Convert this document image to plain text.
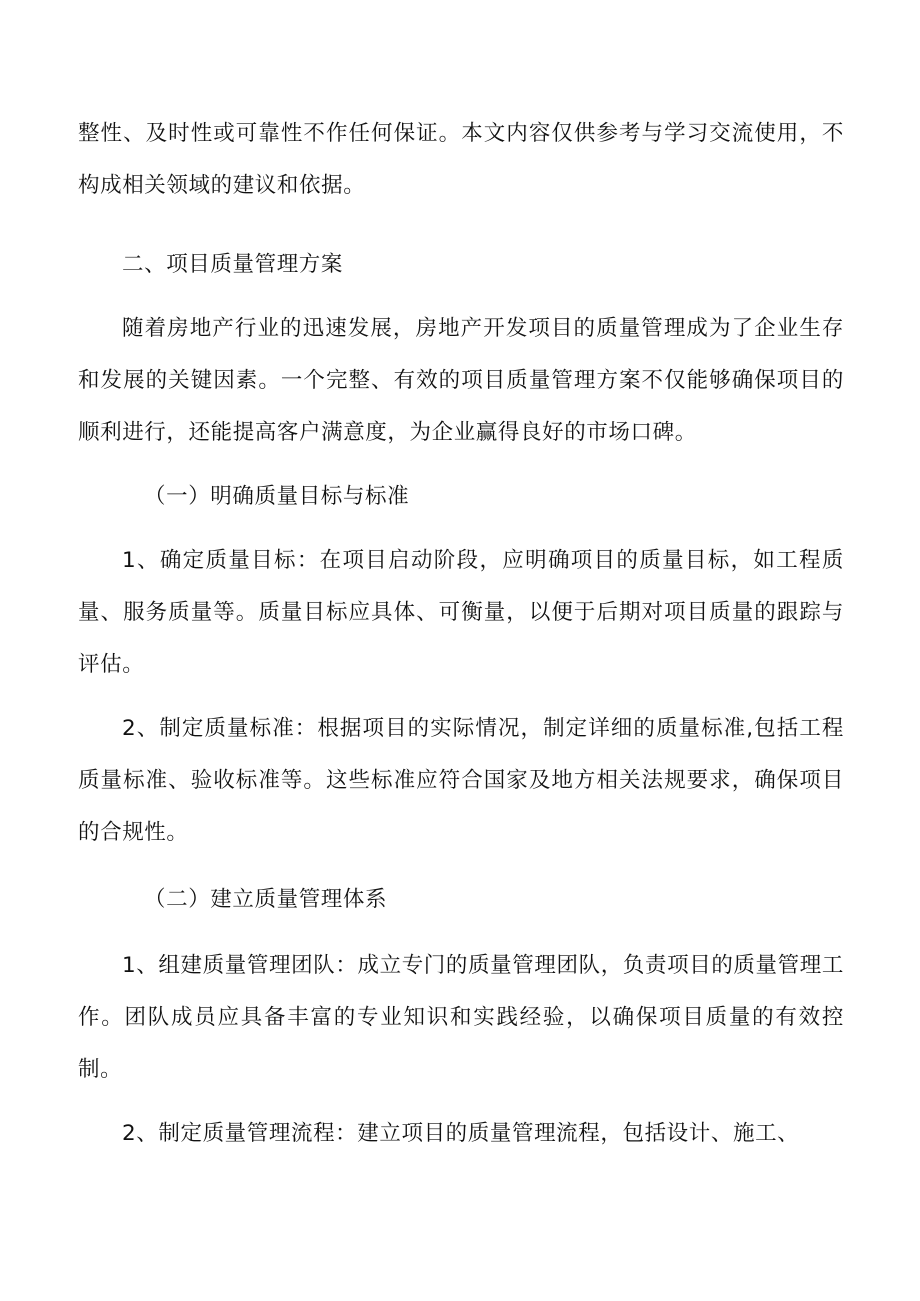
整性、及时性或可靠性不作任何保证。本文内容仅供参考与学习交流使用，不构成相关领域的建议和依据。

二、项目质量管理方案

随着房地产行业的迅速发展，房地产开发项目的质量管理成为了企业生存和发展的关键因素。一个完整、有效的项目质量管理方案不仅能够确保项目的顺利进行，还能提高客户满意度，为企业赢得良好的市场口碑。

（一）明确质量目标与标准

1、确定质量目标：在项目启动阶段，应明确项目的质量目标，如工程质量、服务质量等。质量目标应具体、可衡量，以便于后期对项目质量的跟踪与评估。

2、制定质量标准：根据项目的实际情况，制定详细的质量标准,包括工程质量标准、验收标准等。这些标准应符合国家及地方相关法规要求，确保项目的合规性。

（二）建立质量管理体系

1、组建质量管理团队：成立专门的质量管理团队，负责项目的质量管理工作。团队成员应具备丰富的专业知识和实践经验，以确保项目质量的有效控制。

2、制定质量管理流程：建立项目的质量管理流程，包括设计、施工、
